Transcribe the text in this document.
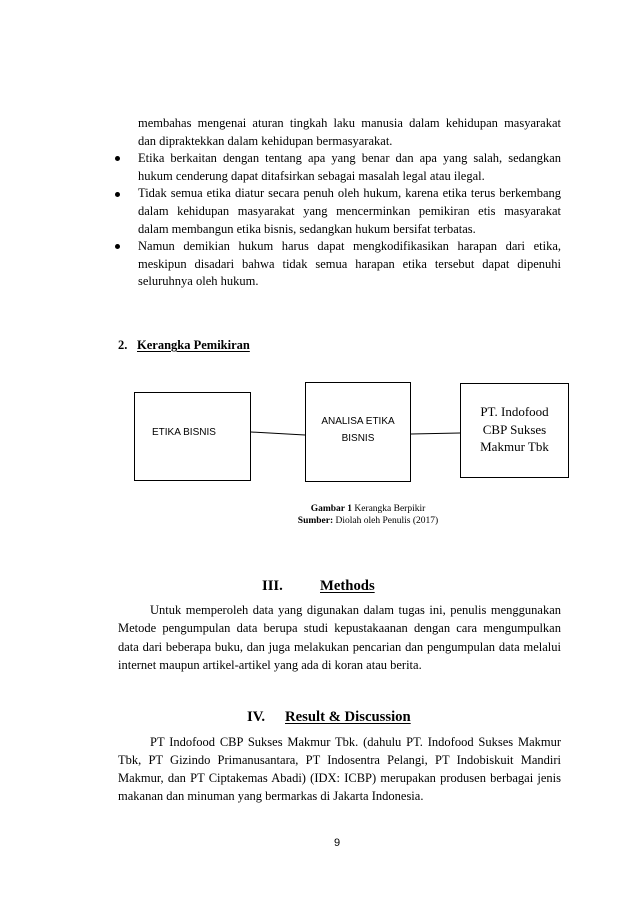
membahas mengenai aturan tingkah laku manusia dalam kehidupan masyarakat
dan dipraktekkan dalam kehidupan bermasyarakat.
Etika berkaitan dengan tentang apa yang benar dan apa yang salah, sedangkan
hukum cenderung dapat ditafsirkan sebagai masalah legal atau ilegal.
Tidak semua etika diatur secara penuh oleh hukum, karena etika terus berkembang
dalam kehidupan masyarakat yang mencerminkan pemikiran etis masyarakat
dalam membangun etika bisnis, sedangkan hukum bersifat terbatas.
Namun demikian hukum harus dapat mengkodifikasikan harapan dari etika,
meskipun disadari bahwa tidak semua harapan etika tersebut dapat dipenuhi
seluruhnya oleh hukum.
2. Kerangka Pemikiran
ETIKA BISNIS
ANALISA ETIKA
BISNIS
PT. Indofood
CBP Sukses
Makmur Tbk
Gambar 1 Kerangka Berpikir
Sumber: Diolah oleh Penulis (2017)
III.	Methods
Untuk memperoleh data yang digunakan dalam tugas ini, penulis menggunakan
Metode pengumpulan data berupa studi kepustakaanan dengan cara mengumpulkan
data dari beberapa buku, dan juga melakukan pencarian dan pengumpulan data melalui
internet maupun artikel-artikel yang ada di koran atau berita.
IV. Result & Discussion
PT Indofood CBP Sukses Makmur Tbk. (dahulu PT. Indofood Sukses Makmur
Tbk, PT Gizindo Primanusantara, PT Indosentra Pelangi, PT Indobiskuit Mandiri
Makmur, dan PT Ciptakemas Abadi) (IDX: ICBP) merupakan produsen berbagai jenis
makanan dan minuman yang bermarkas di Jakarta Indonesia.
9
